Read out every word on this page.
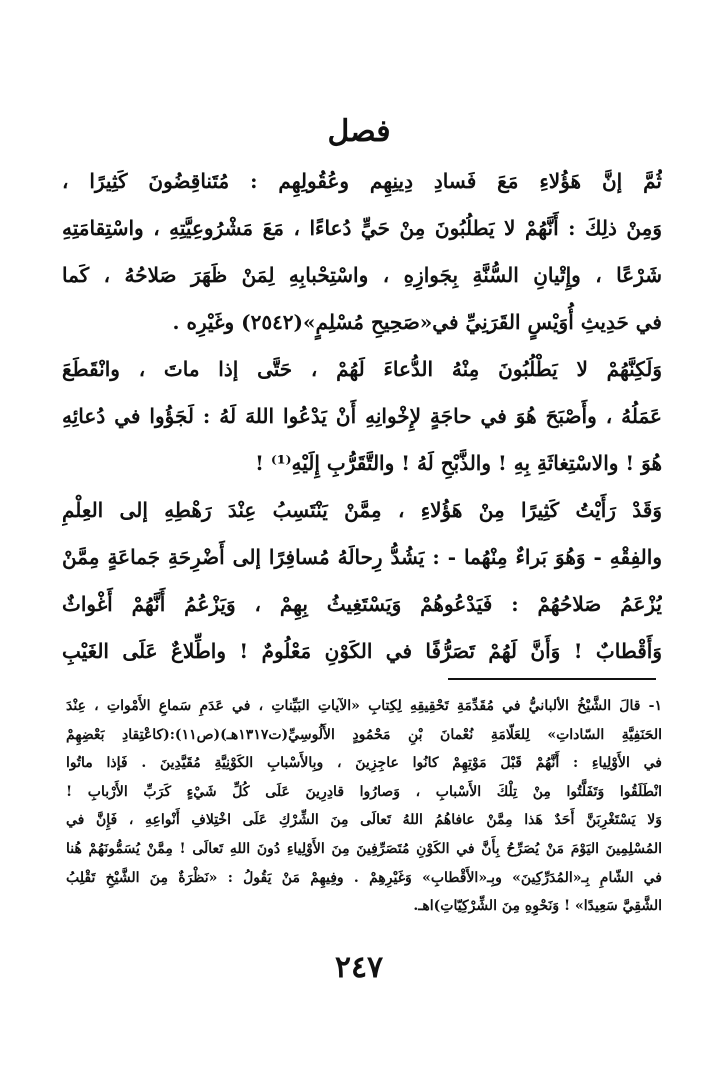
فصل
ثُمَّ إنَّ هَؤُلاءِ مَعَ فَسادِ دِينِهِم وعُقُولِهِم : مُتَناقِضُونَ كَثِيرًا ،
وَمِنْ ذلِكَ : أَنَّهُمْ لا يَطلُبُونَ مِنْ حَيٍّ دُعاءًا ، مَعَ مَشْرُوعِيَّتِهِ ، واسْتِقامَتِهِ
شَرْعًا ، وإِتْيانِ السُّنَّةِ بِجَوازِهِ ، واسْتِحْبابِهِ لِمَنْ ظَهَرَ صَلاحُهُ ، كَما
في حَدِيثِ أُوَيْسٍ القَرَنِيِّ في«صَحِيحِ مُسْلِمٍ»(٢٥٤٢) وغَيْرِه .
وَلَكِنَّهُمْ لا يَطْلُبُونَ مِنْهُ الدُّعاءَ لَهُمْ ، حَتَّى إذا ماتَ ، وانْقَطَعَ
عَمَلُهُ ، وأَصْبَحَ هُوَ في حاجَةٍ لإِخْوانِهِ أَنْ يَدْعُوا اللهَ لَهُ : لَجَؤُوا في دُعائِهِ
هُوَ ! والاسْتِغاثَةِ بِهِ ! والذَّبْحِ لَهُ ! والتَّقَرُّبِ إِلَيْهِ⁽¹⁾ !
وَقَدْ رَأَيْتُ كَثِيرًا مِنْ هَؤُلاءِ ، مِمَّنْ يَنْتَسِبُ عِنْدَ رَهْطِهِ إلى العِلْمِ
والفِقْهِ - وَهُوَ بَراءٌ مِنْهُما - : يَشُدُّ رِحالَهُ مُسافِرًا إلى أَضْرِحَةِ جَماعَةٍ مِمَّنْ
يُزْعَمُ صَلاحُهُمْ : فَيَدْعُوهُمْ وَيَسْتَغِيثُ بِهِمْ ، وَيَزْعُمُ أَنَّهُمْ أَغْواثٌ
وَأَقْطابٌ ! وَأَنَّ لَهُمْ تَصَرُّفًا في الكَوْنِ مَعْلُومٌ ! واطِّلاعٌ عَلَى الغَيْبِ
١- قالَ الشَّيْخُ الألبانيُّ في مُقَدِّمَةِ تَحْقِيقِهِ لِكِتابِ «الآياتِ البَيِّناتِ ، في عَدَمِ سَماعِ الأَمْواتِ ، عِنْدَ
الحَنَفِيَّةِ السّاداتِ» لِلعَلّامَةِ نُعْمانَ بْنِ مَحْمُودٍ الأَلُوسِيِّ(ت١٣١٧هـ)(ص١١):(كاعْتِقادِ بَعْضِهِمْ
في الأَوْلِياءِ : أَنَّهُمْ قَبْلَ مَوْتِهِمْ كانُوا عاجِزِينَ ، وبِالأَسْبابِ الكَوْنِيَّةِ مُقَيَّدِينَ . فَإذا ماتُوا
انْطَلَقُوا وَتَفَلَّتُوا مِنْ تِلْكَ الأَسْبابِ ، وَصارُوا قادِرِينَ عَلَى كُلِّ شَيْءٍ كَرَبِّ الأَرْبابِ !
وَلا يَسْتَغْرِبَنَّ أَحَدٌ هَذا مِمَّنْ عافاهُمُ اللهُ تَعالَى مِنَ الشِّرْكِ عَلَى اخْتِلافِ أَنْواعِهِ ، فَإِنَّ في
المُسْلِمِينَ اليَوْمَ مَنْ يُصَرِّحُ بِأَنَّ في الكَوْنِ مُتَصَرِّفِينَ مِنَ الأَوْلِياءِ دُونَ اللهِ تَعالَى ! مِمَّنْ يُسَمُّونَهُمْ هُنا
في الشّامِ بِـ«المُدَرِّكِينَ» وبِـ«الأَقْطابِ» وَغَيْرِهِمْ . وفِيهِمْ مَنْ يَقُولُ : «نَظْرَةٌ مِنَ الشَّيْخِ تَقْلِبُ
الشَّقِيَّ سَعِيدًا» ! وَنَحْوِهِ مِنَ الشِّرْكِيّاتِ)اهـ.
٢٤٧
